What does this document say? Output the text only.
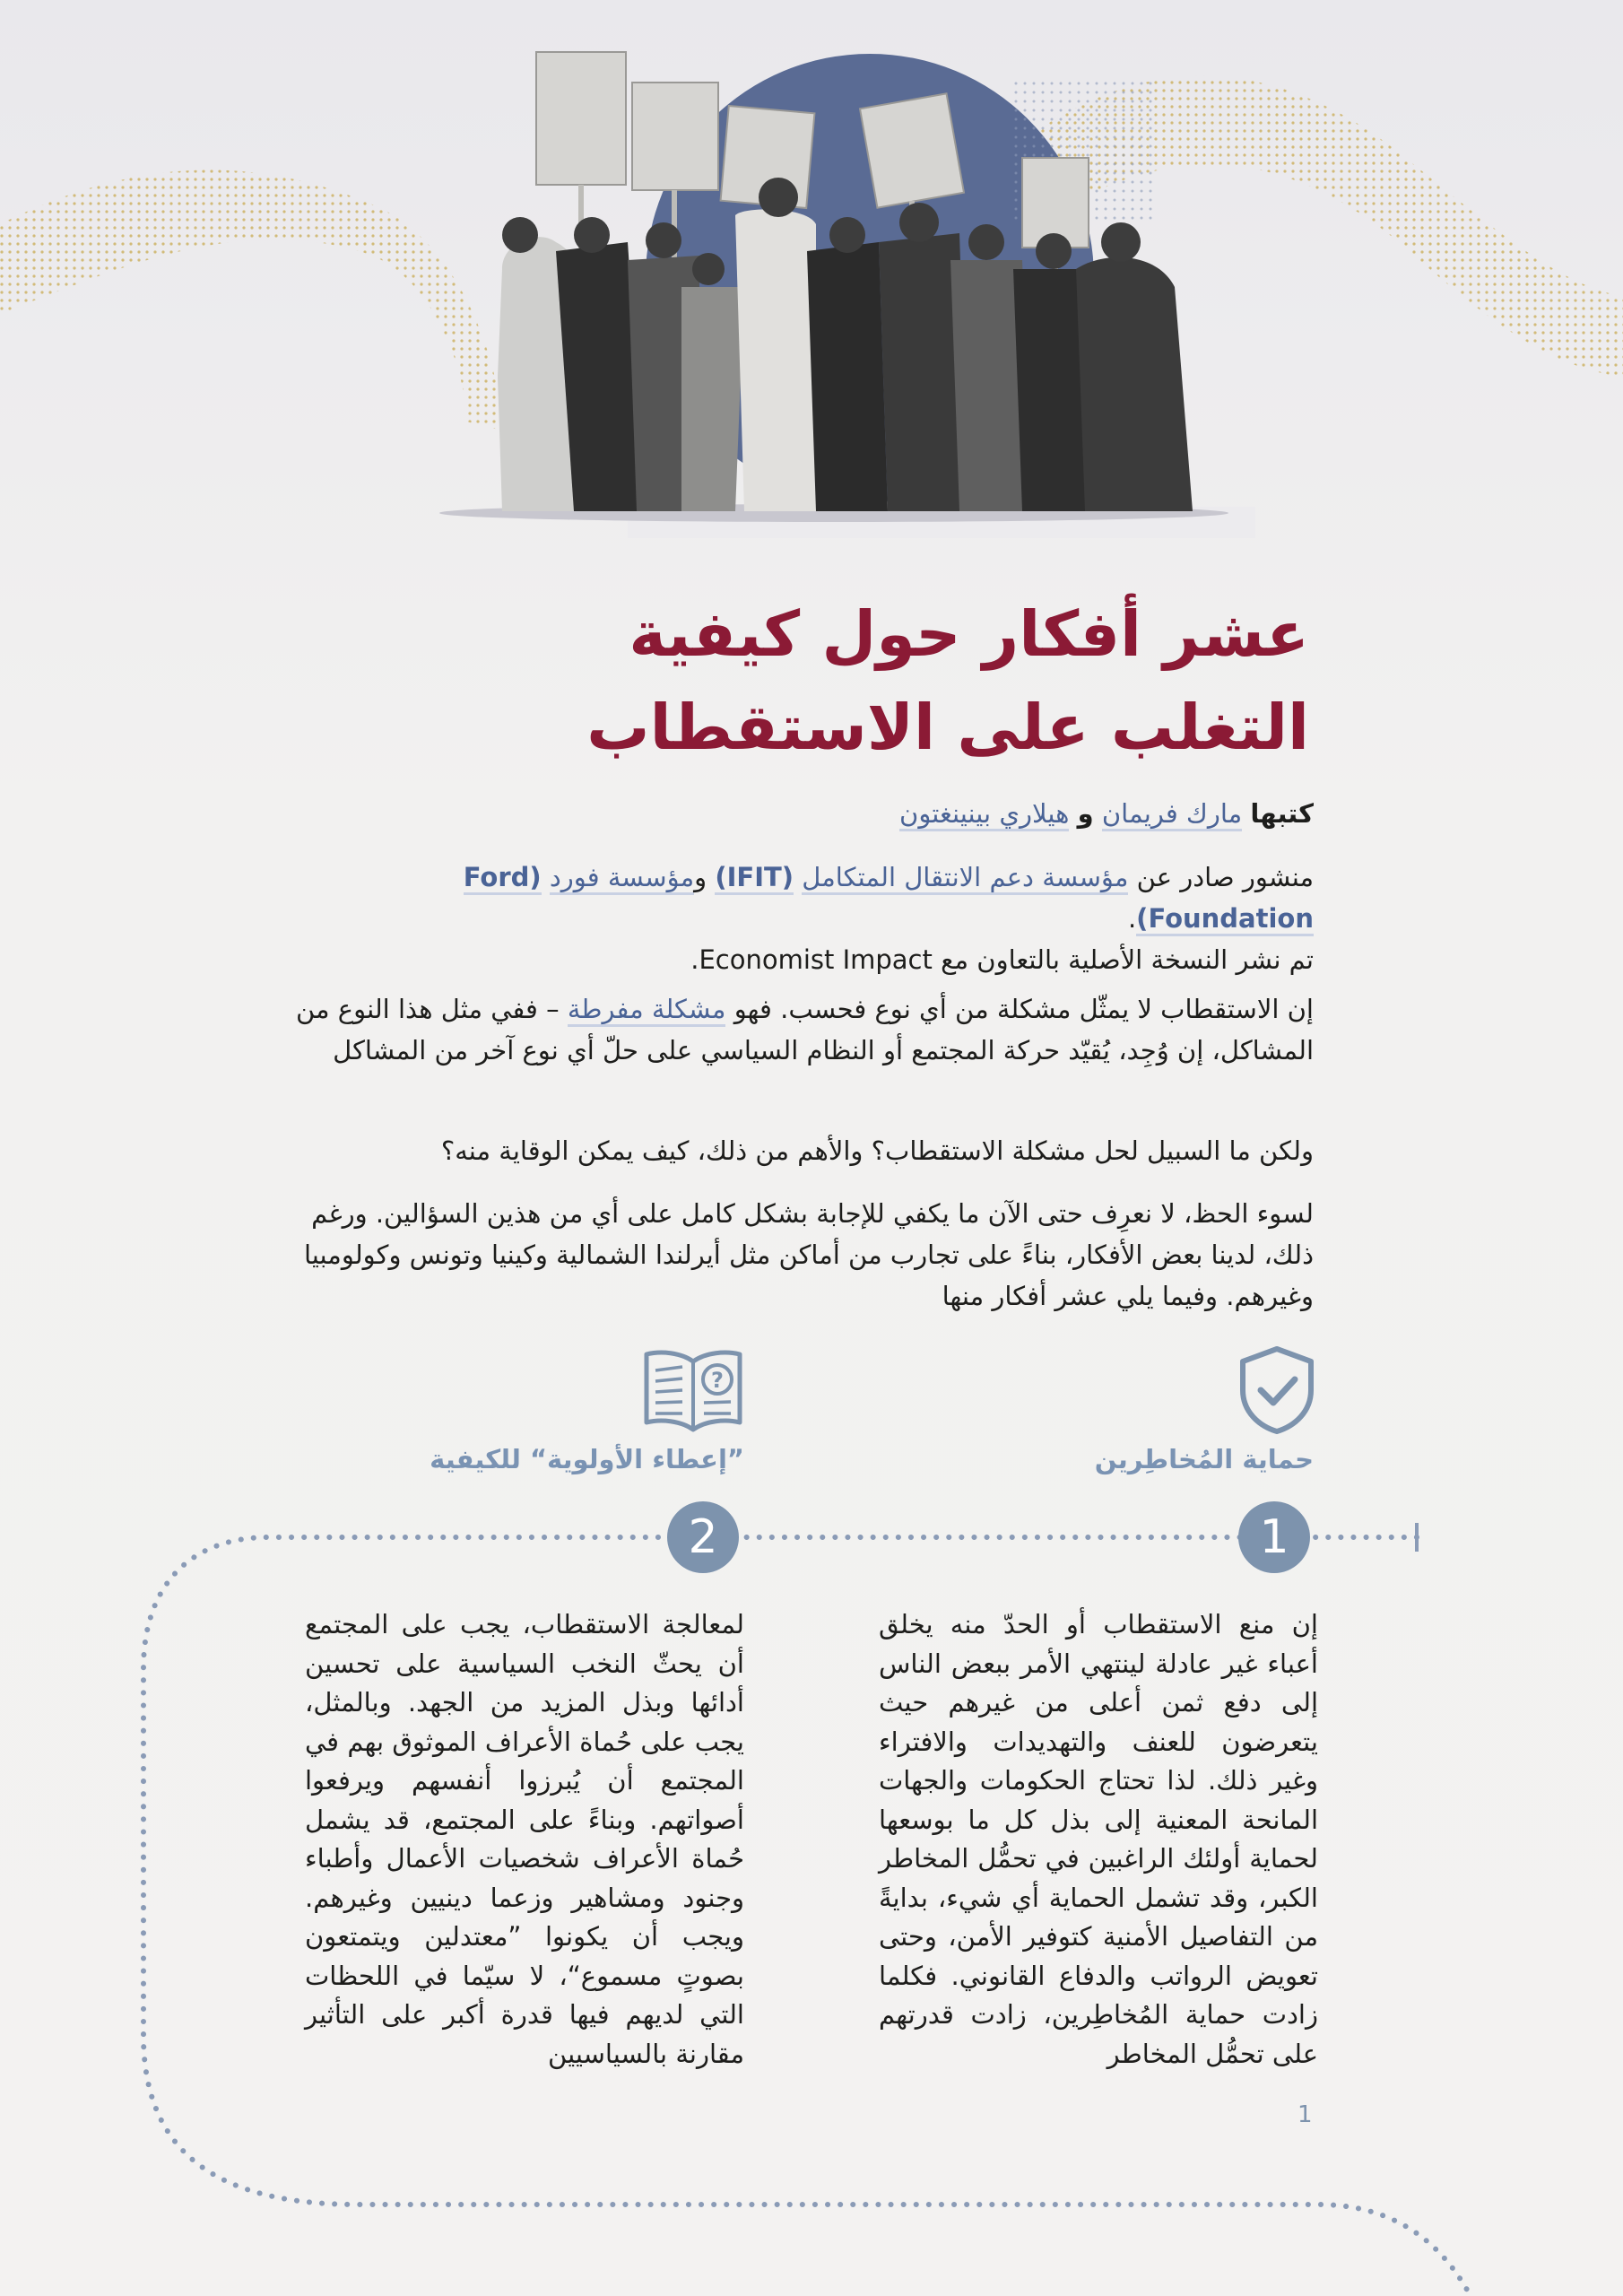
عشر أفكار حول كيفية التغلب على الاستقطاب
كتبها مارك فريمان و هيلاري بينينغتون
منشور صادر عن مؤسسة دعم الانتقال المتكامل (IFIT) ومؤسسة فورد (Ford Foundation).
تم نشر النسخة الأصلية بالتعاون مع Economist Impact.

إن الاستقطاب لا يمثّل مشكلة من أي نوع فحسب. فهو مشكلة مفرطة – ففي مثل هذا النوع من المشاكل، إن وُجِد، يُقيّد حركة المجتمع أو النظام السياسي على حلّ أي نوع آخر من المشاكل

ولكن ما السبيل لحل مشكلة الاستقطاب؟ والأهم من ذلك، كيف يمكن الوقاية منه؟

لسوء الحظ، لا نعرِف حتى الآن ما يكفي للإجابة بشكل كامل على أي من هذين السؤالين. ورغم ذلك، لدينا بعض الأفكار، بناءً على تجارب من أماكن مثل أيرلندا الشمالية وكينيا وتونس وكولومبيا وغيرهم. وفيما يلي عشر أفكار منها

حماية المُخاطِرين
?
”إعطاء الأولوية“ للكيفية
1
2

إن منع الاستقطاب أو الحدّ منه يخلق أعباء غير عادلة لينتهي الأمر ببعض الناس إلى دفع ثمن أعلى من غيرهم حيث يتعرضون للعنف والتهديدات والافتراء وغير ذلك. لذا تحتاج الحكومات والجهات المانحة المعنية إلى بذل كل ما بوسعها لحماية أولئك الراغبين في تحمُّل المخاطر الكبر، وقد تشمل الحماية أي شيء، بدايةً من التفاصيل الأمنية كتوفير الأمن، وحتى تعويض الرواتب والدفاع القانوني. فكلما زادت حماية المُخاطِرين، زادت قدرتهم على تحمُّل المخاطر

لمعالجة الاستقطاب، يجب على المجتمع أن يحثّ النخب السياسية على تحسين أدائها وبذل المزيد من الجهد. وبالمثل، يجب على حُماة الأعراف الموثوق بهم في المجتمع أن يُبرزوا أنفسهم ويرفعوا أصواتهم. وبناءً على المجتمع، قد يشمل حُماة الأعراف شخصيات الأعمال وأطباء وجنود ومشاهير وزعما دينيين وغيرهم. ويجب أن يكونوا ”معتدلين ويتمتعون بصوتٍ مسموع“، لا سيّما في اللحظات التي لديهم فيها قدرة أكبر على التأثير مقارنة بالسياسيين

1
